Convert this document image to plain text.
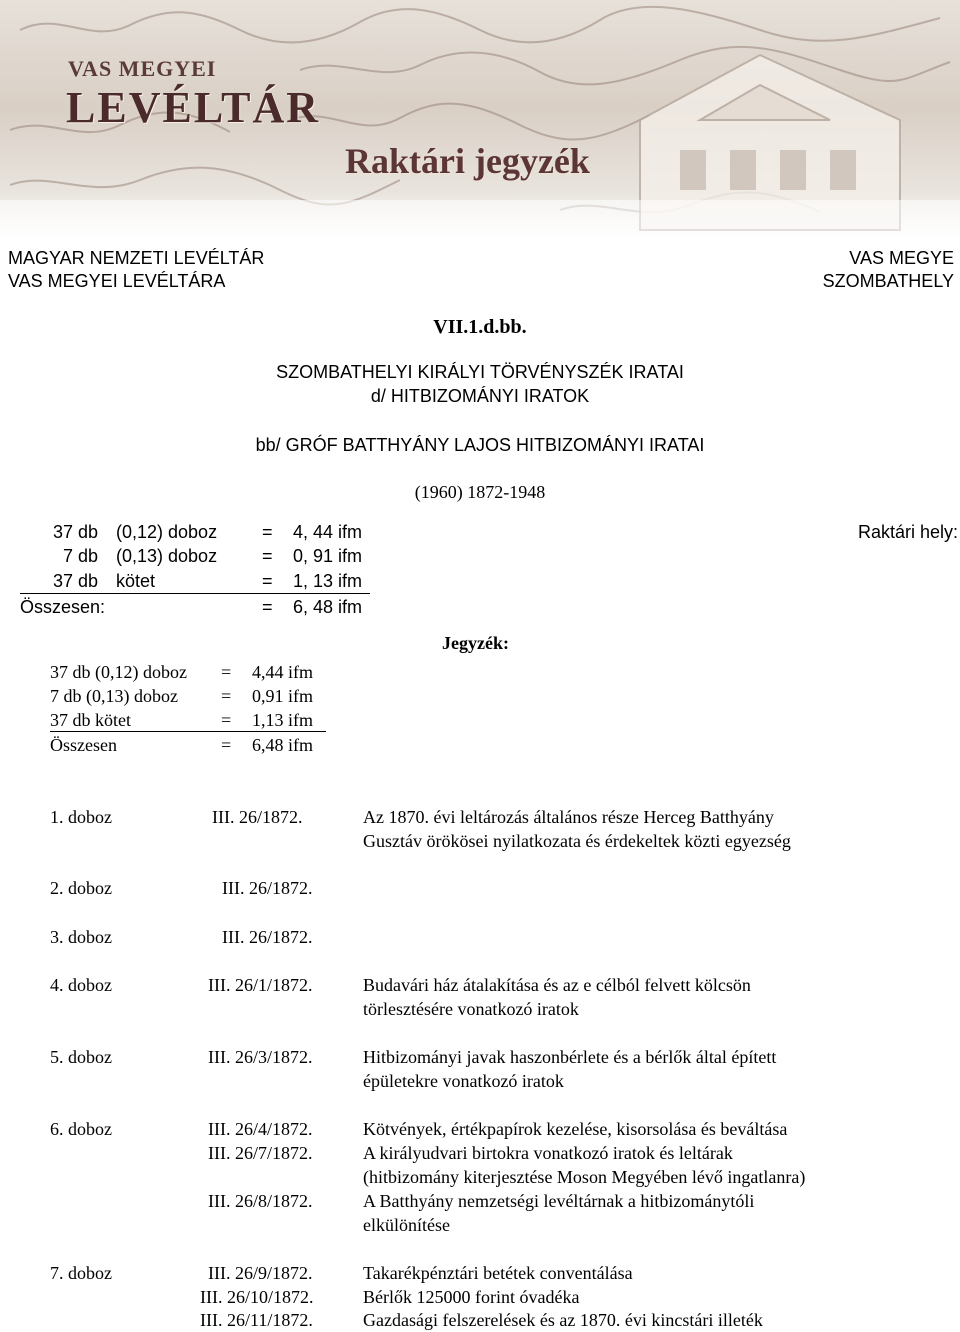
VAS MEGYEI
LEVÉLTÁR
Raktári jegyzék
MAGYAR NEMZETI LEVÉLTÁR
VAS MEGYEI LEVÉLTÁRA
VAS MEGYE
SZOMBATHELY
VII.1.d.bb.
SZOMBATHELYI KIRÁLYI TÖRVÉNYSZÉK IRATAI
d/ HITBIZOMÁNYI IRATOK
bb/ GRÓF BATTHYÁNY LAJOS HITBIZOMÁNYI IRATAI
(1960) 1872-1948
37 db (0,12) doboz = 4, 44 ifm
7 db (0,13) doboz = 0, 91 ifm
37 db kötet	= 1, 13 ifm
Összesen:	= 6, 48 ifm
Raktári hely:
Jegyzék:
37 db (0,12) doboz = 4,44 ifm
7 db (0,13) doboz = 0,91 ifm
37 db kötet	= 1,13 ifm
Összesen	= 6,48 ifm
1. doboz	III. 26/1872.	Az 1870. évi leltározás általános része Herceg Batthyány
Gusztáv örökösei nyilatkozata és érdekeltek közti egyezség
2. doboz	III. 26/1872.
3. doboz	III. 26/1872.
4. doboz	III. 26/1/1872.	Budavári ház átalakítása és az e célból felvett kölcsön
törlesztésére vonatkozó iratok
5. doboz	III. 26/3/1872.	Hitbizományi javak haszonbérlete és a bérlők által épített
épületekre vonatkozó iratok
6. doboz	III. 26/4/1872.	Kötvények, értékpapírok kezelése, kisorsolása és beváltása
III. 26/7/1872.	A királyudvari birtokra vonatkozó iratok és leltárak
(hitbizomány kiterjesztése Moson Megyében lévő ingatlanra)
III. 26/8/1872.	A Batthyány nemzetségi levéltárnak a hitbizománytóli
elkülönítése
7. doboz	III. 26/9/1872.	Takarékpénztári betétek conventálása
III. 26/10/1872.	Bérlők 125000 forint óvadéka
III. 26/11/1872.	Gazdasági felszerelések és az 1870. évi kincstári illeték
